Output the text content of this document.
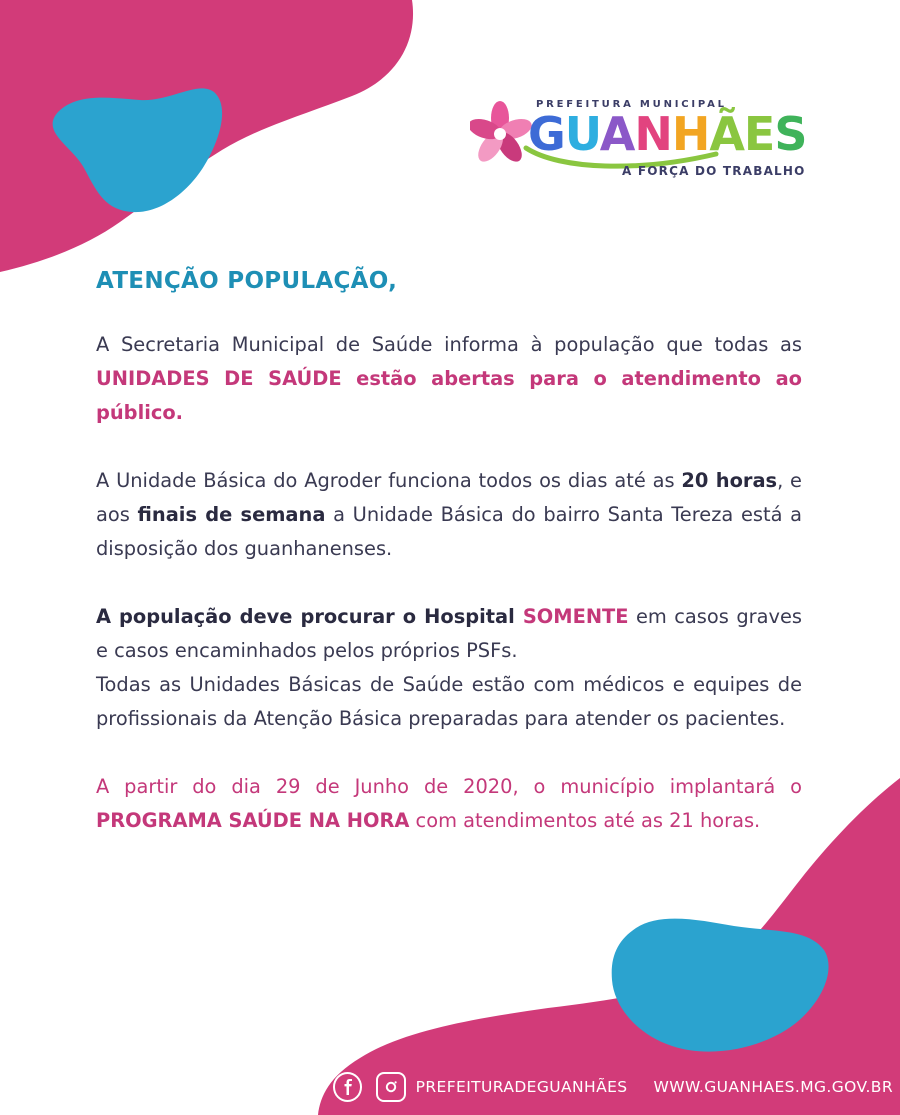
PREFEITURA MUNICIPAL
GUANHÃES
A FORÇA DO TRABALHO
ATENÇÃO POPULAÇÃO,

A Secretaria Municipal de Saúde informa à população que todas as UNIDADES DE SAÚDE estão abertas para o atendimento ao público.

A Unidade Básica do Agroder funciona todos os dias até as 20 horas, e aos finais de semana a Unidade Básica do bairro Santa Tereza está a disposição dos guanhanenses.

A população deve procurar o Hospital SOMENTE em casos graves e casos encaminhados pelos próprios PSFs.

Todas as Unidades Básicas de Saúde estão com médicos e equipes de profissionais da Atenção Básica preparadas para atender os pacientes.

A partir do dia 29 de Junho de 2020, o município implantará o PROGRAMA SAÚDE NA HORA com atendimentos até as 21 horas.

PREFEITURADEGUANHÃES WWW.GUANHAES.MG.GOV.BR
